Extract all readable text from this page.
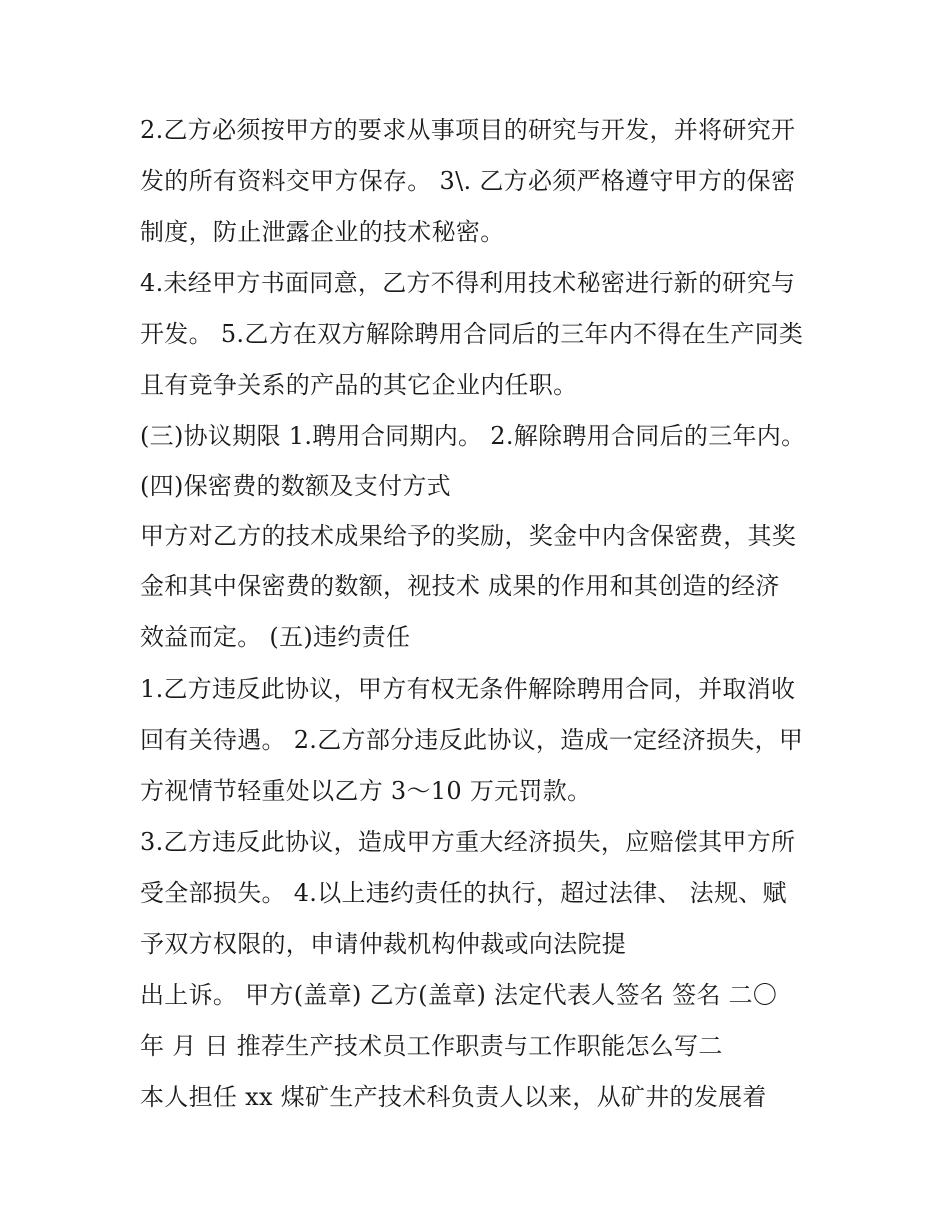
2.乙方必须按甲方的要求从事项目的研究与开发，并将研究开

发的所有资料交甲方保存。 3\. 乙方必须严格遵守甲方的保密

制度，防止泄露企业的技术秘密。

4.未经甲方书面同意，乙方不得利用技术秘密进行新的研究与

开发。 5.乙方在双方解除聘用合同后的三年内不得在生产同类

且有竞争关系的产品的其它企业内任职。

(三)协议期限 1.聘用合同期内。 2.解除聘用合同后的三年内。

(四)保密费的数额及支付方式

甲方对乙方的技术成果给予的奖励，奖金中内含保密费，其奖

金和其中保密费的数额，视技术 成果的作用和其创造的经济

效益而定。 (五)违约责任

1.乙方违反此协议，甲方有权无条件解除聘用合同，并取消收

回有关待遇。 2.乙方部分违反此协议，造成一定经济损失，甲

方视情节轻重处以乙方 3～10 万元罚款。

3.乙方违反此协议，造成甲方重大经济损失，应赔偿其甲方所

受全部损失。 4.以上违约责任的执行，超过法律、 法规、赋

予双方权限的，申请仲裁机构仲裁或向法院提

出上诉。 甲方(盖章) 乙方(盖章) 法定代表人签名 签名 二〇

年 月 日 推荐生产技术员工作职责与工作职能怎么写二

本人担任 xx 煤矿生产技术科负责人以来，从矿井的发展着
